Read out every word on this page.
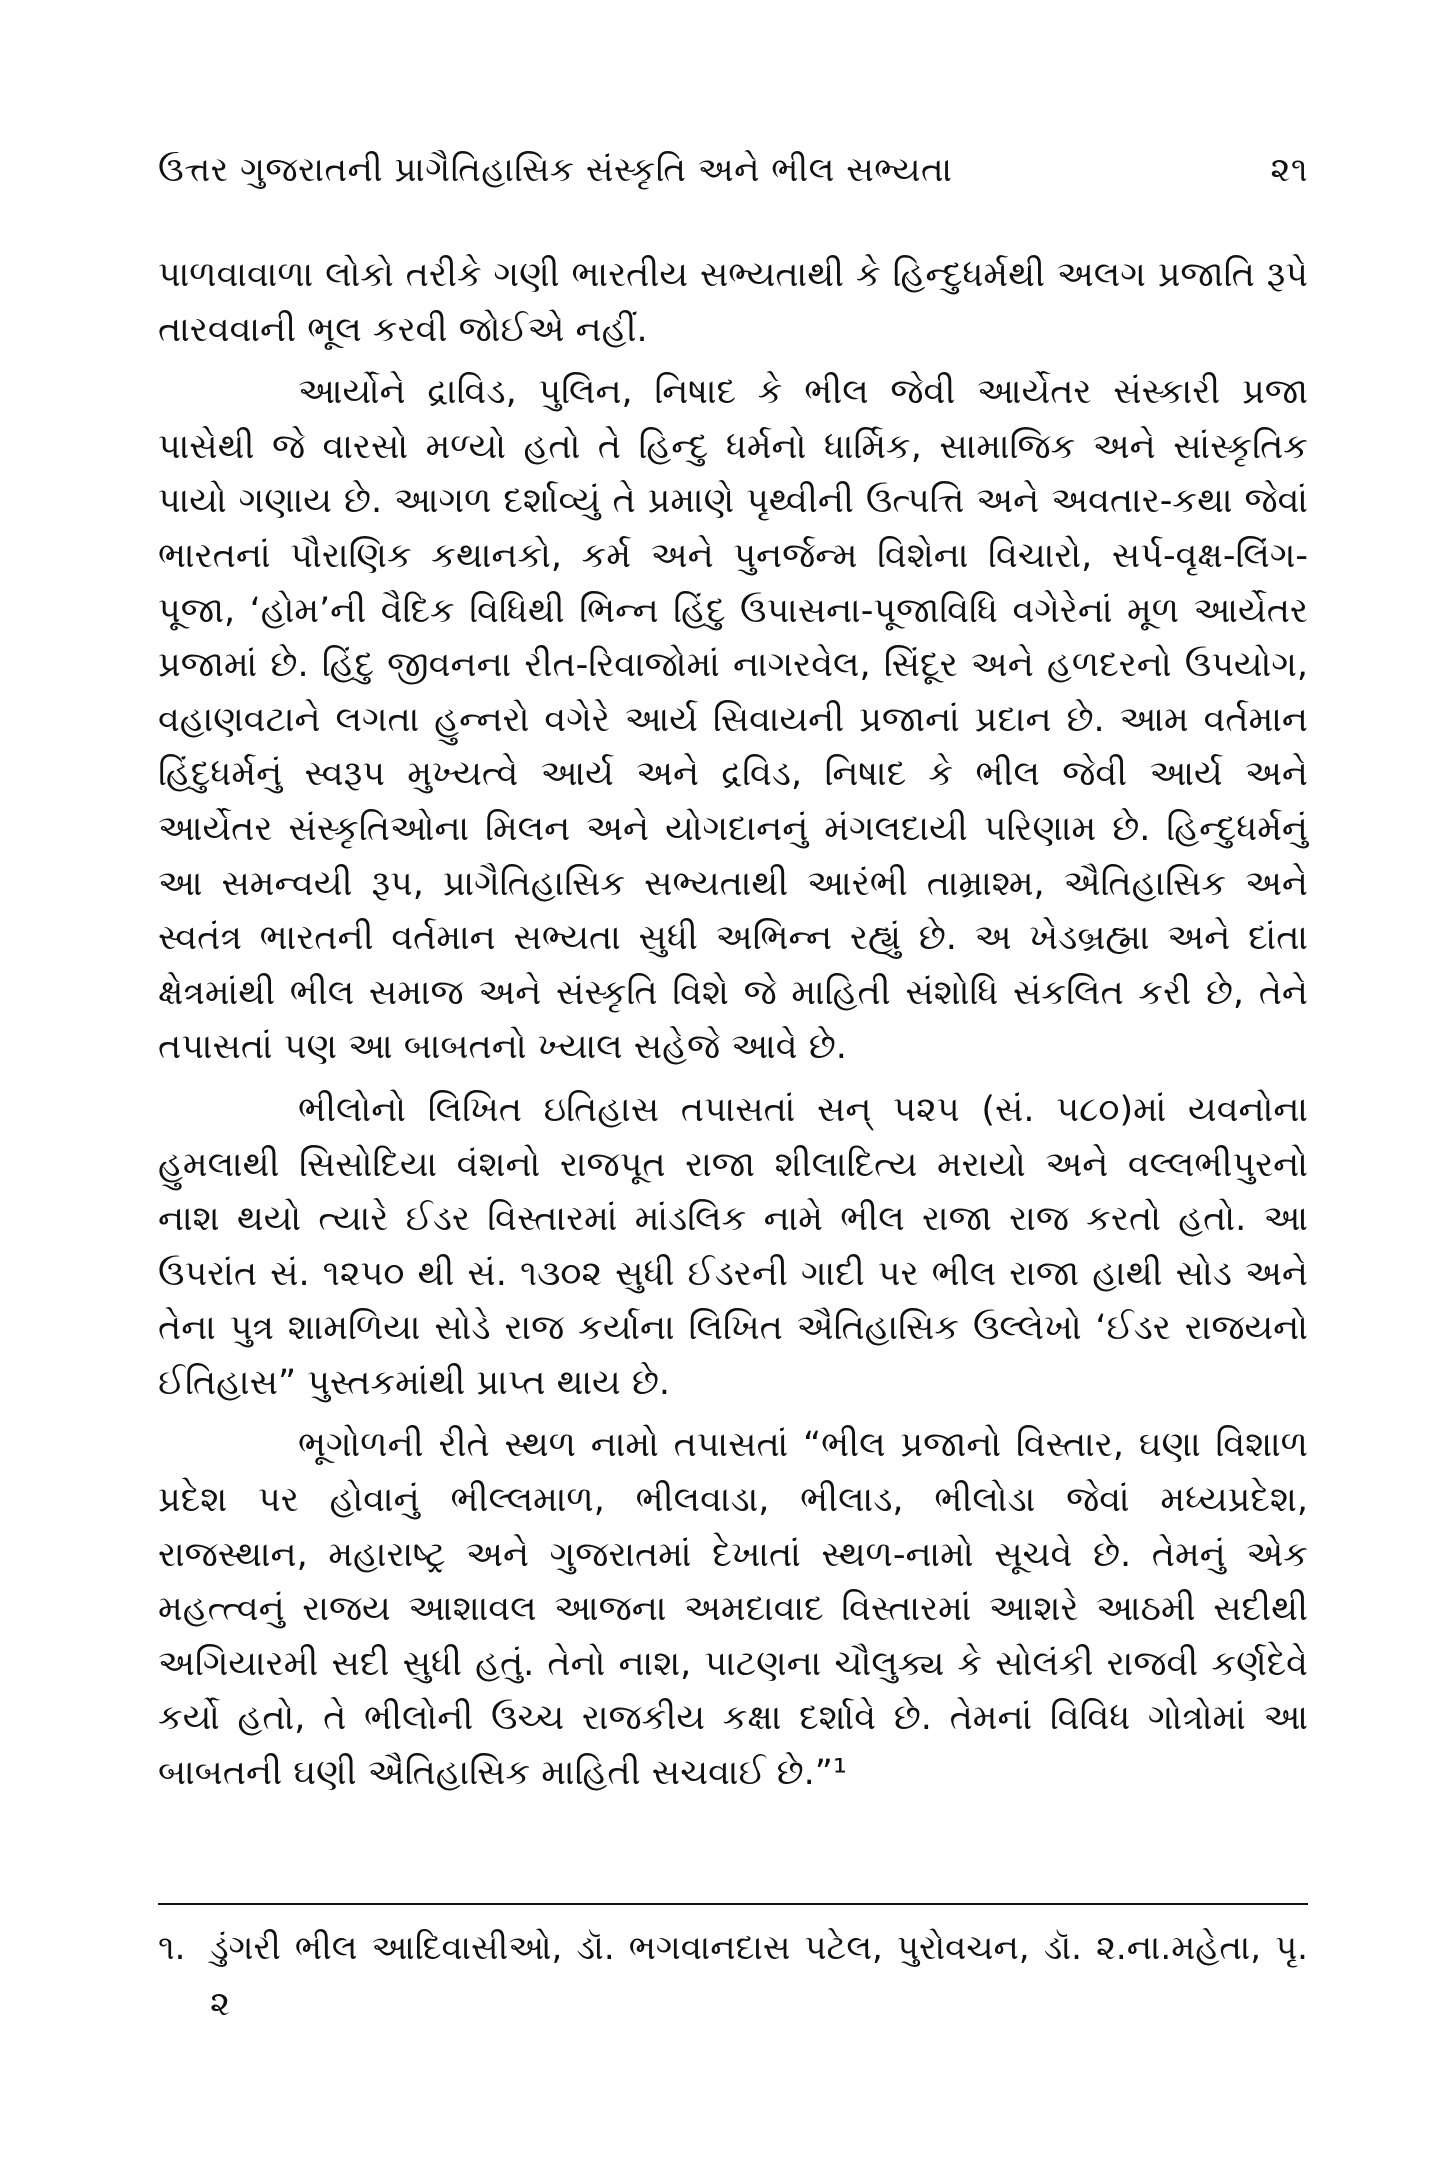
ઉત્તર ગુજરાતની પ્રાગૈતિહાસિક સંસ્કૃતિ અને ભીલ સભ્યતા	૨૧

પાળવાવાળા લોકો તરીકે ગણી ભારતીય સભ્યતાથી કે હિન્દુધર્મથી અલગ પ્રજાતિ રૂપે તારવવાની ભૂલ કરવી જોઈએ નહીં.

આર્યોને દ્રાવિડ, પુલિન, નિષાદ કે ભીલ જેવી આર્યેતર સંસ્કારી પ્રજા પાસેથી જે વારસો મળ્યો હતો તે હિન્દુ ધર્મનો ધાર્મિક, સામાજિક અને સાંસ્કૃતિક પાયો ગણાય છે. આગળ દર્શાવ્યું તે પ્રમાણે પૃથ્વીની ઉત્પત્તિ અને અવતાર-કથા જેવાં ભારતનાં પૌરાણિક કથાનકો, કર્મ અને પુનર્જન્મ વિશેના વિચારો, સર્પ-વૃક્ષ-લિંગ-પૂજા, ‘હોમ’ની વૈદિક વિધિથી ભિન્ન હિંદુ ઉપાસના-પૂજાવિધિ વગેરેનાં મૂળ આર્યેતર પ્રજામાં છે. હિંદુ જીવનના રીત-રિવાજોમાં નાગરવેલ, સિંદૂર અને હળદરનો ઉપયોગ, વહાણવટાને લગતા હુન્નરો વગેરે આર્ય સિવાયની પ્રજાનાં પ્રદાન છે. આમ વર્તમાન હિંદુધર્મનું સ્વરૂપ મુખ્યત્વે આર્ય અને દ્રવિડ, નિષાદ કે ભીલ જેવી આર્ય અને આર્યેતર સંસ્કૃતિઓના મિલન અને યોગદાનનું મંગલદાયી પરિણામ છે. હિન્દુધર્મનું આ સમન્વયી રૂપ, પ્રાગૈતિહાસિક સભ્યતાથી આરંભી તામ્રાશ્મ, ઐતિહાસિક અને સ્વતંત્ર ભારતની વર્તમાન સભ્યતા સુધી અભિન્ન રહ્યું છે. અ ખેડબ્રહ્મા અને દાંતા ક્ષેત્રમાંથી ભીલ સમાજ અને સંસ્કૃતિ વિશે જે માહિતી સંશોધિ સંકલિત કરી છે, તેને તપાસતાં પણ આ બાબતનો ખ્યાલ સહેજે આવે છે.

ભીલોનો લિખિત ઇતિહાસ તપાસતાં સન્ ૫૨૫ (સં. ૫૮૦)માં યવનોના હુમલાથી સિસોદિયા વંશનો રાજપૂત રાજા શીલાદિત્ય મરાયો અને વલ્લભીપુરનો નાશ થયો ત્યારે ઈડર વિસ્તારમાં માંડલિક નામે ભીલ રાજા રાજ કરતો હતો. આ ઉપરાંત સં. ૧૨૫૦ થી સં. ૧૩૦૨ સુધી ઈડરની ગાદી પર ભીલ રાજા હાથી સોડ અને તેના પુત્ર શામળિયા સોડે રાજ કર્યાના લિખિત ઐતિહાસિક ઉલ્લેખો ‘ઈડર રાજયનો ઈતિહાસ” પુસ્તકમાંથી પ્રાપ્ત થાય છે.

ભૂગોળની રીતે સ્થળ નામો તપાસતાં “ભીલ પ્રજાનો વિસ્તાર, ઘણા વિશાળ પ્રદેશ પર હોવાનું ભીલ્લમાળ, ભીલવાડા, ભીલાડ, ભીલોડા જેવાં મધ્યપ્રદેશ, રાજસ્થાન, મહારાષ્ટ્ર અને ગુજરાતમાં દેખાતાં સ્થળ-નામો સૂચવે છે. તેમનું એક મહત્ત્વનું રાજય આશાવલ આજના અમદાવાદ વિસ્તારમાં આશરે આઠમી સદીથી અગિયારમી સદી સુધી હતું. તેનો નાશ, પાટણના ચૌલુક્ય કે સોલંકી રાજવી કર્ણદેવે કર્યો હતો, તે ભીલોની ઉચ્ચ રાજકીય કક્ષા દર્શાવે છે. તેમનાં વિવિધ ગોત્રોમાં આ બાબતની ઘણી ઐતિહાસિક માહિતી સચવાઈ છે.”¹

૧. ડુંગરી ભીલ આદિવાસીઓ, ડૉ. ભગવાનદાસ પટેલ, પુરોવચન, ડૉ. ૨.ના.મહેતા, પૃ. ૨
